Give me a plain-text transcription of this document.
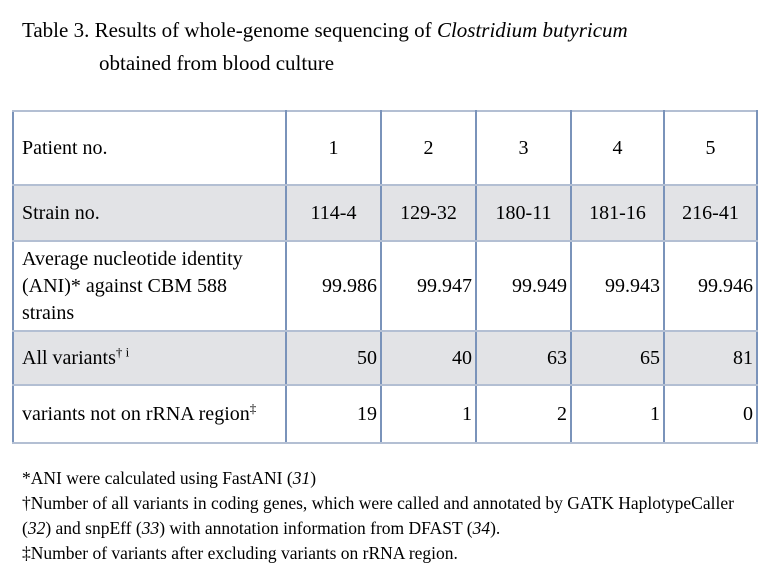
Table 3. Results of whole-genome sequencing of Clostridium butyricum
obtained from blood culture
Patient no.	1	2	3	4	5
Strain no.	114-4	129-32	180-11	181-16	216-41
Average nucleotide identity (ANI)* against CBM 588 strains	99.986	99.947	99.949	99.943	99.946
All variants$^{\dagger i}$	50	40	63	65	81
variants not on rRNA region‡	19	1	2	1	0

*ANI were calculated using FastANI (31)

†Number of all variants in coding genes, which were called and annotated by GATK HaplotypeCaller (32) and snpEff (33) with annotation information from DFAST (34).

‡Number of variants after excluding variants on rRNA region.
